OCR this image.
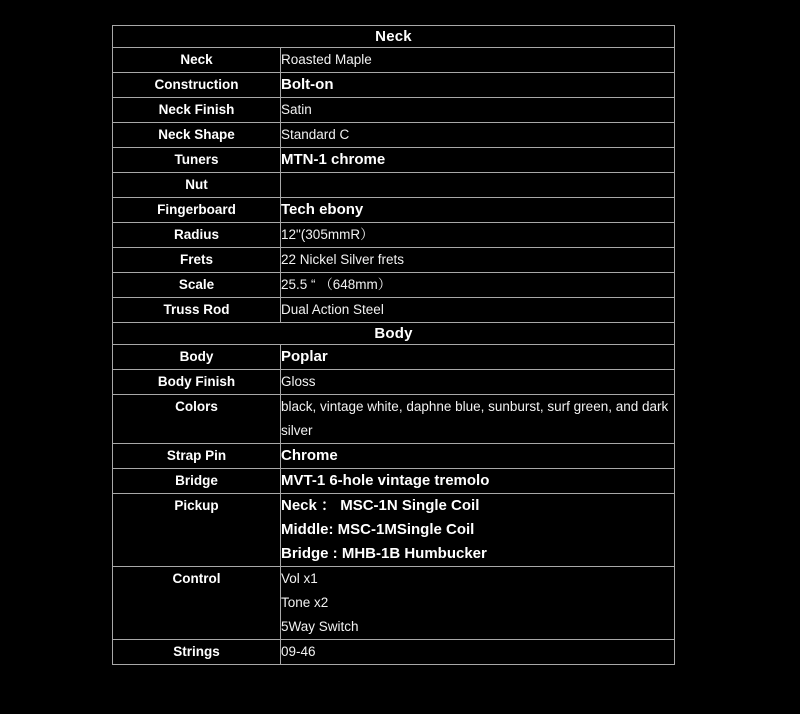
Neck	
Neck	Roasted Maple

Construction	Bolt-on

Neck Finish	Satin

Neck Shape	Standard C

Tuners	MTN-1 chrome

Nut	

Fingerboard	Tech ebony

Radius	12"(305mmR）

Frets	22 Nickel Silver frets

Scale	25.5 “ （648mm）

Truss Rod	Dual Action Steel

Body	
Body	Poplar

Body Finish	Gloss

Colors	black, vintage white, daphne blue, sunburst, surf green, and dark silver

Strap Pin	Chrome

Bridge	MVT-1 6-hole vintage tremolo

Pickup	Neck ： MSC-1N Single Coil
Middle: MSC-1MSingle Coil
Bridge : MHB-1B Humbucker

Control	Vol x1
Tone x2
5Way Switch

Strings	09-46
